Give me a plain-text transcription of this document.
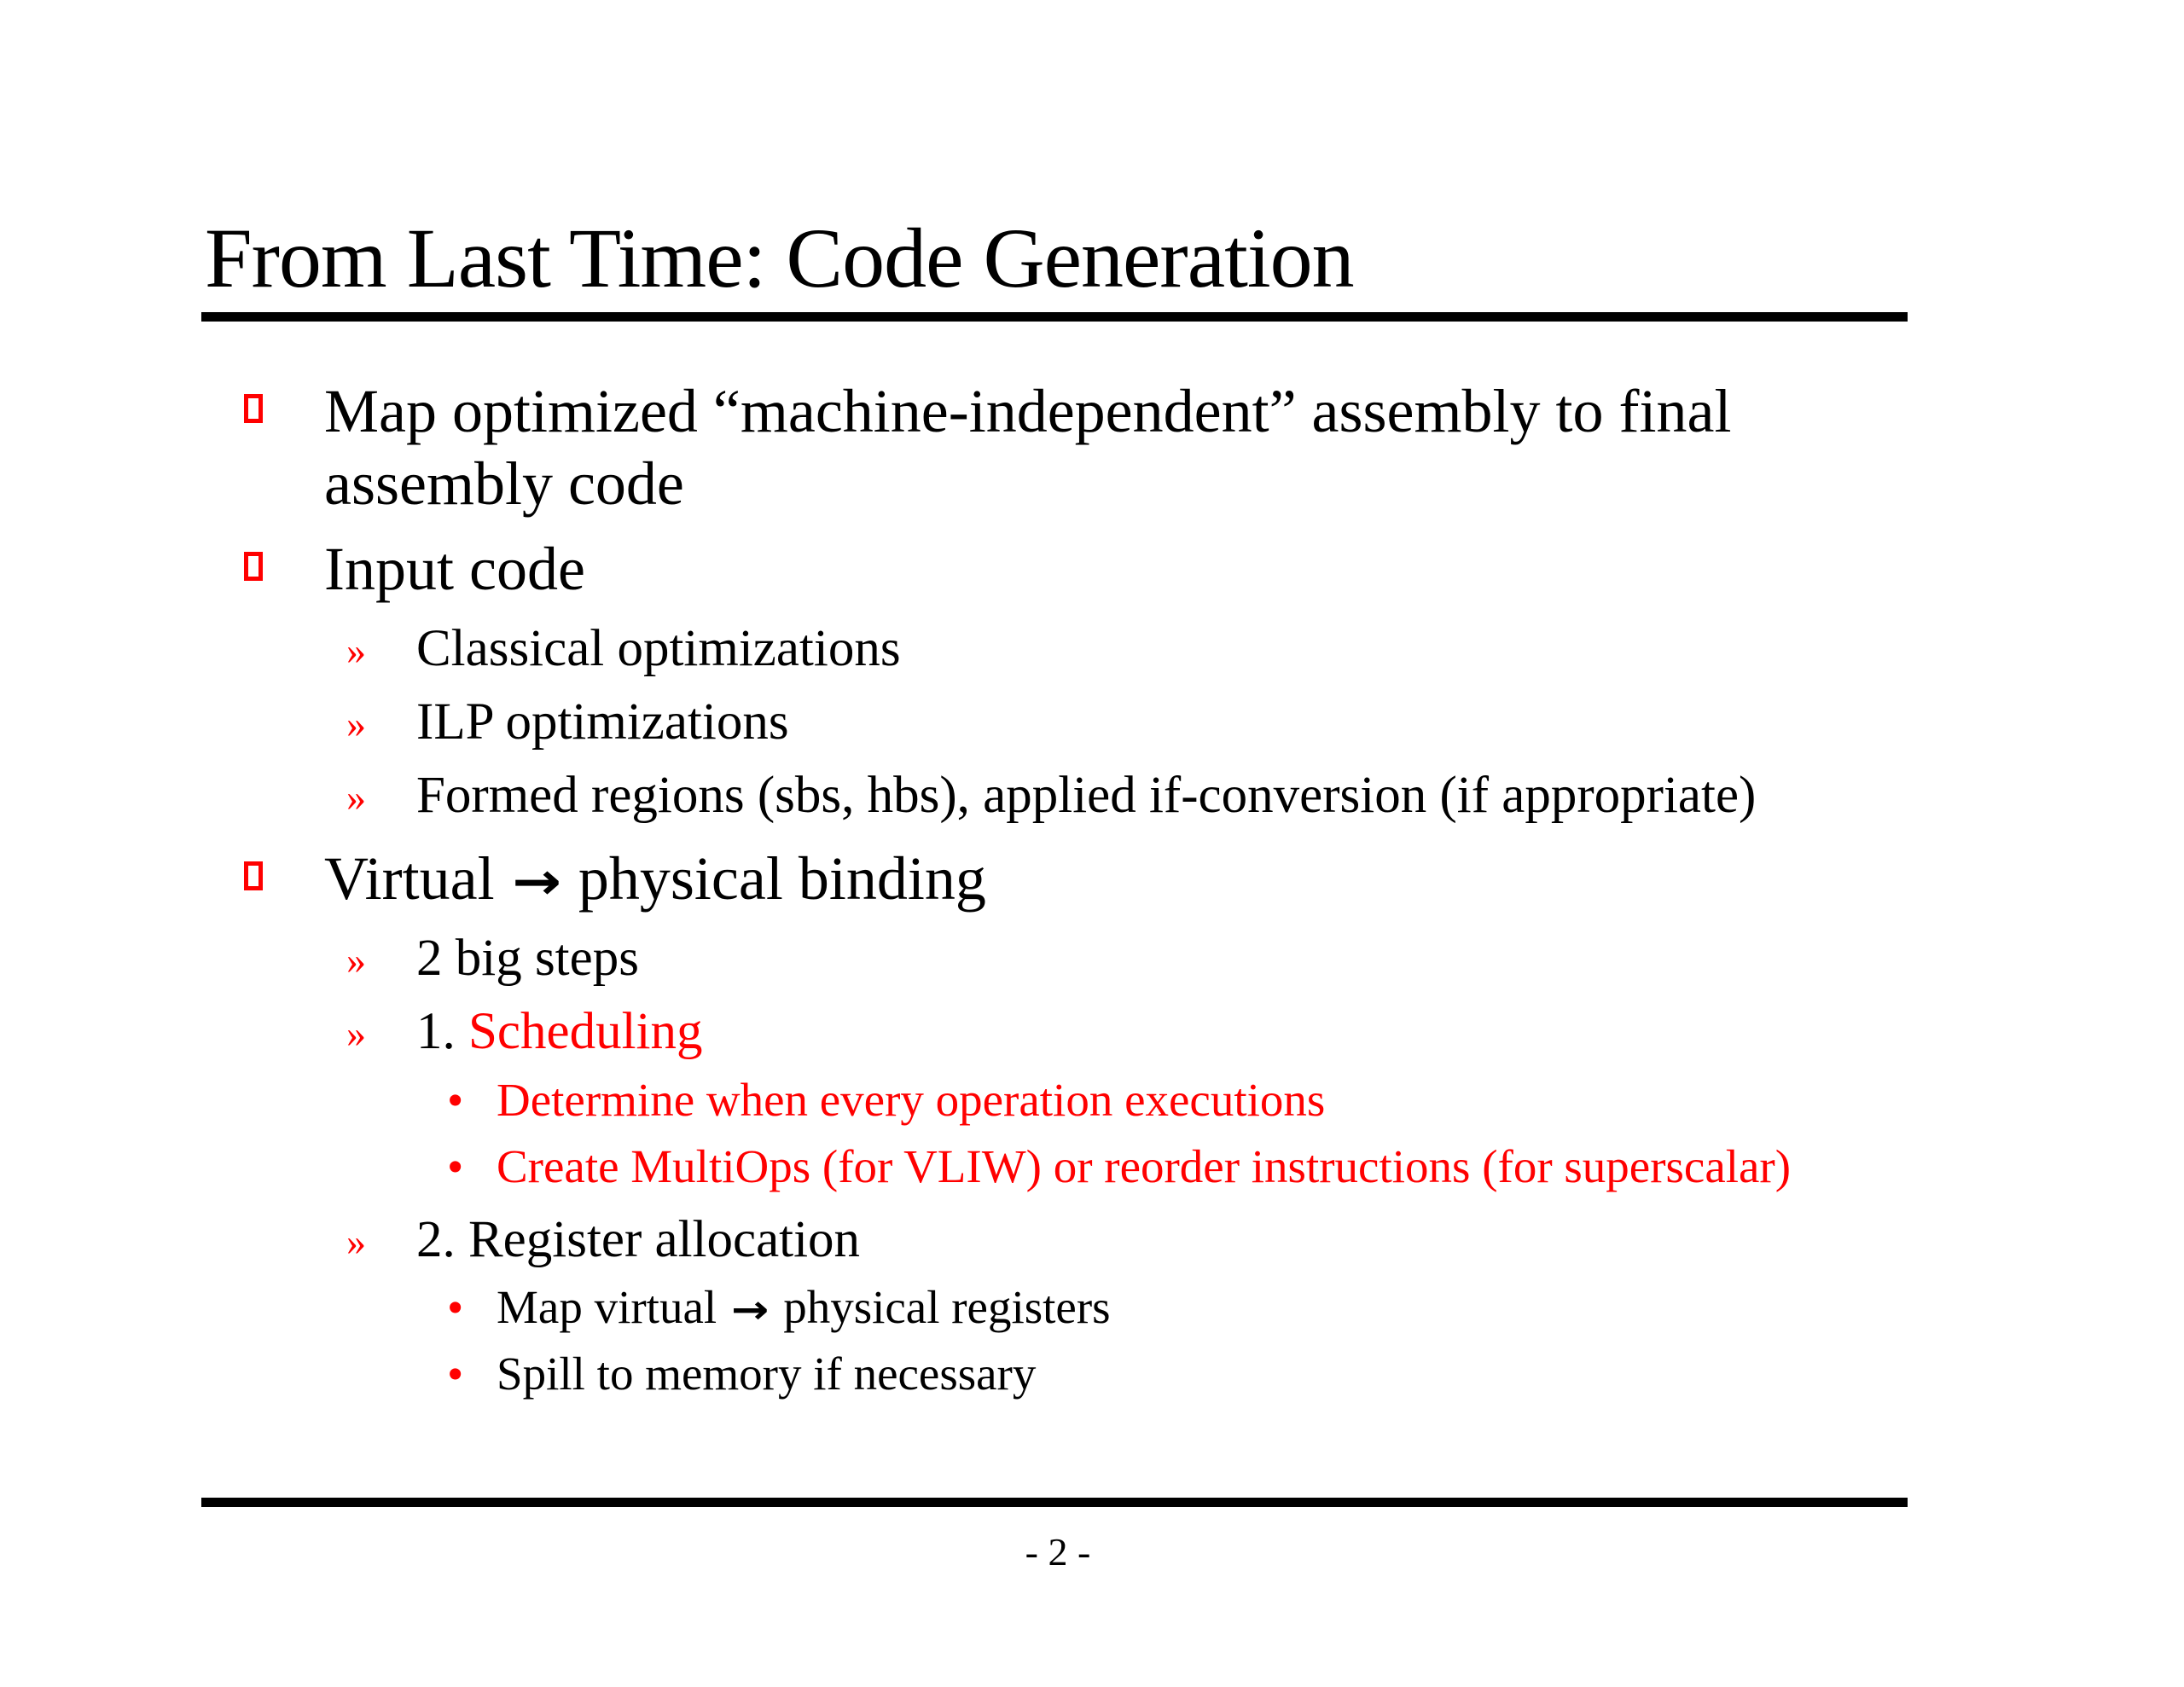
From Last Time: Code Generation
Map optimized “machine-independent” assembly to final
assembly code
Input code
» Classical optimizations
» ILP optimizations
» Formed regions (sbs, hbs), applied if-conversion (if appropriate)
Virtual → physical binding
» 2 big steps
» 1. Scheduling
• Determine when every operation executions
• Create MultiOps (for VLIW) or reorder instructions (for superscalar)
» 2. Register allocation
• Map virtual → physical registers
• Spill to memory if necessary
- 2 -
